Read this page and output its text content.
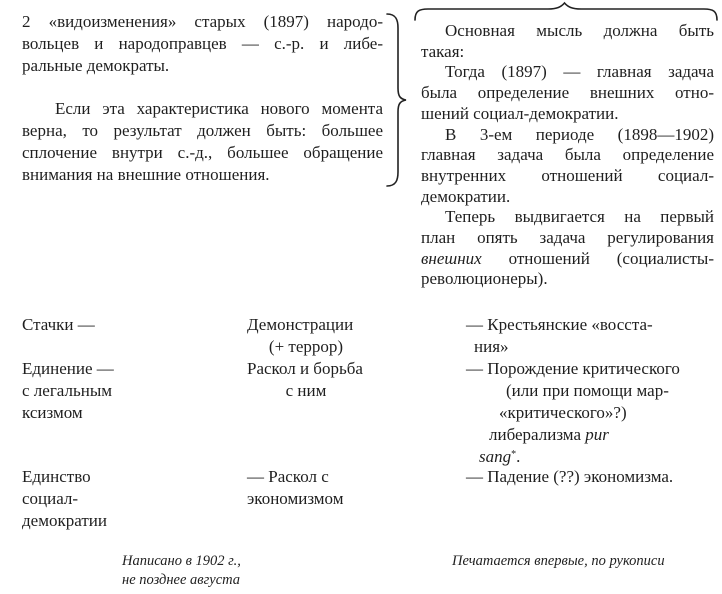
2 «видоизменения» старых (1897) народо-
вольцев и народоправцев — с.-р. и либе-
ральные демократы.
Если эта характеристика нового момента
верна, то результат должен быть: большее
сплочение внутри с.-д., большее обращение
внимания на внешние отношения.
Основная мысль должна быть
такая:
Тогда (1897) — главная задача
была определение внешних отно-
шений социал-демократии.
В 3-ем периоде (1898—1902)
главная задача была определение
внутренних отношений социал-
демократии.
Теперь выдвигается на первый
план опять задача регулирования
внешних отношений (социалисты-
революционеры).
Стачки —	Демонстрации
(+ террор)
— Крестьянские «восста-
ния»
Единение —
с легальным
ксизмом
Раскол и борьба
с ним
— Порождение критического
(или при помощи мар-
«критического»?)
либерализма pur
sang*.
Единство
социал-
демократии
— Раскол с
экономизмом
— Падение (??) экономизма.
Написано в 1902 г.,
не позднее августа
Печатается впервые, по рукописи
